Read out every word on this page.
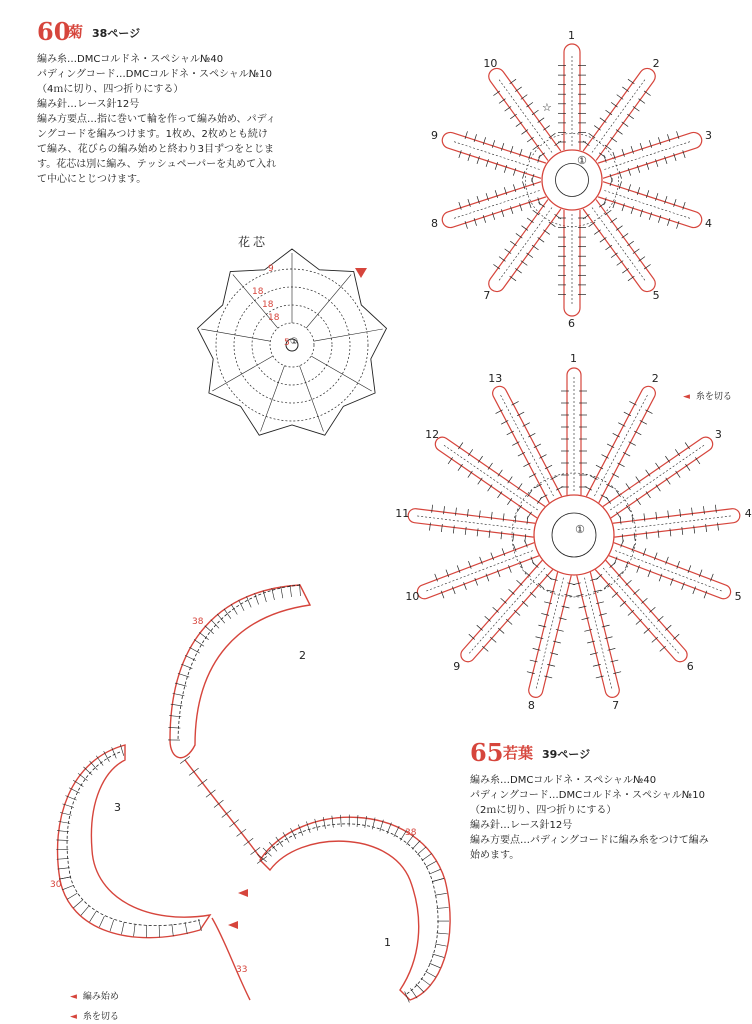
60
菊 38ページ
編み糸…DMCコルドネ・スペシャル№40
パディングコード…DMCコルドネ・スペシャル№10
（4ｍに切り、四つ折りにする）
編み針…レース針12号
編み方要点…指に巻いて輪を作って編み始め、パディ
ングコードを編みつけます。1枚め、2枚めとも続け
て編み、花びらの編み始めと終わり3目ずつをとじま
す。花芯は別に編み、テッシュペーパーを丸めて入れ
て中心にとじつけます。
65 若葉 39ページ
編み糸…DMCコルドネ・スペシャル№40
パディングコード…DMCコルドネ・スペシャル№10
（2ｍに切り、四つ折りにする）
編み針…レース針12号
編み方要点…パディングコードに編み糸をつけて編み
始めます。
1
2
3
4
5
6
7
8
9
10
☆
①
花芯
9
18
18
18
5 ①
1
2
3
4
5
6
7
8
9
10
11
12
13
①
◄ 糸を切る
1
2
3
38
38
30
33
◄ 編み始め
◄ 糸を切る
